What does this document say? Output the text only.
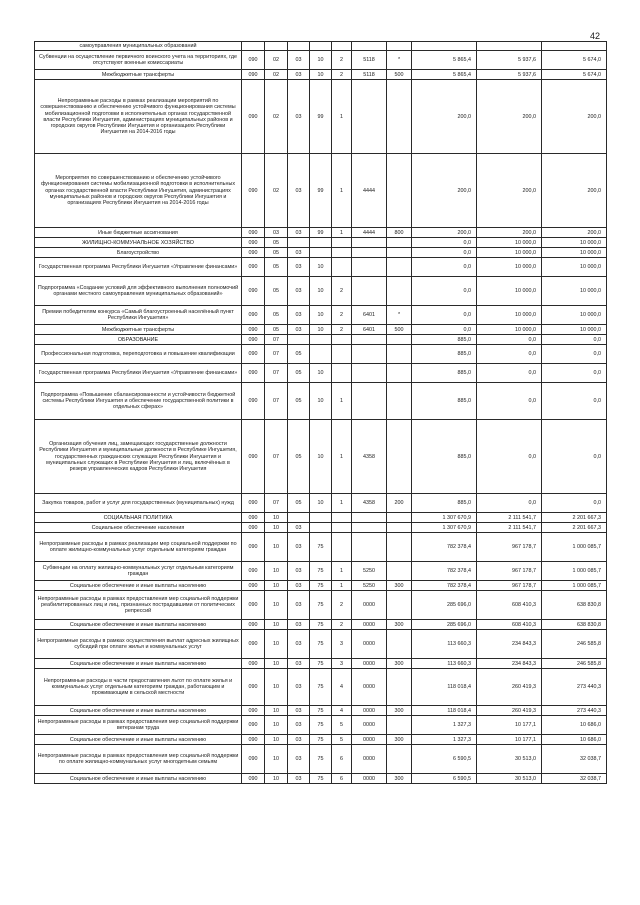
42
самоуправления муниципальных образований										
Субвенции на осуществление первичного воинского учета на территориях, где отсутствуют военные комиссариаты	090	02	03	10	2	5118	*	5 865,4	5 937,6	5 674,0
Межбюджетные трансферты	090	02	03	10	2	5118	500	5 865,4	5 937,6	5 674,0
Непрограммные расходы в рамках реализации мероприятий по совершенствованию и обеспечению устойчивого функционирования системы мобилизационной подготовки в исполнительных органах государственной власти Республики Ингушетия, администрациях муниципальных районов и городских округов Республики Ингушетия и организациях Республики Ингушетия на 2014-2016 годы	090	02	03	99	1			200,0	200,0	200,0
Мероприятия по совершенствованию и обеспечению устойчивого функционирования системы мобилизационной подготовки в исполнительных органах государственной власти Республики Ингушетия, администрациях муниципальных районов и городских округов Республики Ингушетия и организациях Республики Ингушетия на 2014-2016 годы	090	02	03	99	1	4444		200,0	200,0	200,0
Иные бюджетные ассигнования	090	03	03	99	1	4444	800	200,0	200,0	200,0
ЖИЛИЩНО-КОММУНАЛЬНОЕ ХОЗЯЙСТВО	090	05						0,0	10 000,0	10 000,0
Благоустройство	090	05	03					0,0	10 000,0	10 000,0
Государственная программа Республики Ингушетия «Управление финансами»	090	05	03	10				0,0	10 000,0	10 000,0
Подпрограмма «Создание условий для эффективного выполнения полномочий органами местного самоуправления муниципальных образований»	090	05	03	10	2			0,0	10 000,0	10 000,0
Премии победителям конкурса «Самый благоустроенный населённый пункт Республики Ингушетия»	090	05	03	10	2	6401	*	0,0	10 000,0	10 000,0
Межбюджетные трансферты	090	05	03	10	2	6401	500	0,0	10 000,0	10 000,0
ОБРАЗОВАНИЕ	090	07						885,0	0,0	0,0
Профессиональная подготовка, переподготовка и повышение квалификации	090	07	05					885,0	0,0	0,0
Государственная программа Республики Ингушетия «Управление финансами»	090	07	05	10				885,0	0,0	0,0
Подпрограмма «Повышение сбалансированности и устойчивости бюджетной системы Республики Ингушетия и обеспечение государственной политики в отдельных сферах»	090	07	05	10	1			885,0	0,0	0,0
Организация обучения лиц, замещающих государственные должности Республики Ингушетия и муниципальные должности в Республике Ингушетия, государственных гражданских служащих Республики Ингушетия и муниципальных служащих в Республике Ингушетия и лиц, включённых в резерв управленческих кадров Республики Ингушетия	090	07	05	10	1	4358		885,0	0,0	0,0
Закупка товаров, работ и услуг для государственных (муниципальных) нужд	090	07	05	10	1	4358	200	885,0	0,0	0,0
СОЦИАЛЬНАЯ ПОЛИТИКА	090	10						1 307 670,9	2 111 541,7	2 201 667,3
Социальное обеспечение населения	090	10	03					1 307 670,9	2 111 541,7	2 201 667,3
Непрограммные расходы в рамках реализации мер социальной поддержки по оплате жилищно-коммунальных услуг отдельным категориям граждан	090	10	03	75				782 378,4	967 178,7	1 000 085,7
Субвенции на оплату жилищно-коммунальных услуг отдельным категориям граждан	090	10	03	75	1	5250		782 378,4	967 178,7	1 000 085,7
Социальное обеспечение и иные выплаты населению	090	10	03	75	1	5250	300	782 378,4	967 178,7	1 000 085,7
Непрограммные расходы в рамках предоставления мер социальной поддержки реабилитированных лиц и лиц, признанных пострадавшими от политических репрессий	090	10	03	75	2	0000		285 696,0	608 410,3	638 830,8
Социальное обеспечение и иные выплаты населению	090	10	03	75	2	0000	300	285 696,0	608 410,3	638 830,8
Непрограммные расходы в рамках осуществления выплат адресных жилищных субсидий при оплате жилья и коммунальных услуг	090	10	03	75	3	0000		113 660,3	234 843,3	246 585,8
Социальное обеспечение и иные выплаты населению	090	10	03	75	3	0000	300	113 660,3	234 843,3	246 585,8
Непрограммные расходы в части предоставления льгот по оплате жилья и коммунальных услуг отдельным категориям граждан, работающим и проживающим в сельской местности	090	10	03	75	4	0000		118 018,4	260 419,3	273 440,3
Социальное обеспечение и иные выплаты населению	090	10	03	75	4	0000	300	118 018,4	260 419,3	273 440,3
Непрограммные расходы в рамках предоставления мер социальной поддержки ветеранам труда	090	10	03	75	5	0000		1 327,3	10 177,1	10 686,0
Социальное обеспечение и иные выплаты населению	090	10	03	75	5	0000	300	1 327,3	10 177,1	10 686,0
Непрограммные расходы в рамках предоставления мер социальной поддержки по оплате жилищно-коммунальных услуг многодетным семьям	090	10	03	75	6	0000		6 590,5	30 513,0	32 038,7
Социальное обеспечение и иные выплаты населению	090	10	03	75	6	0000	300	6 590,5	30 513,0	32 038,7
